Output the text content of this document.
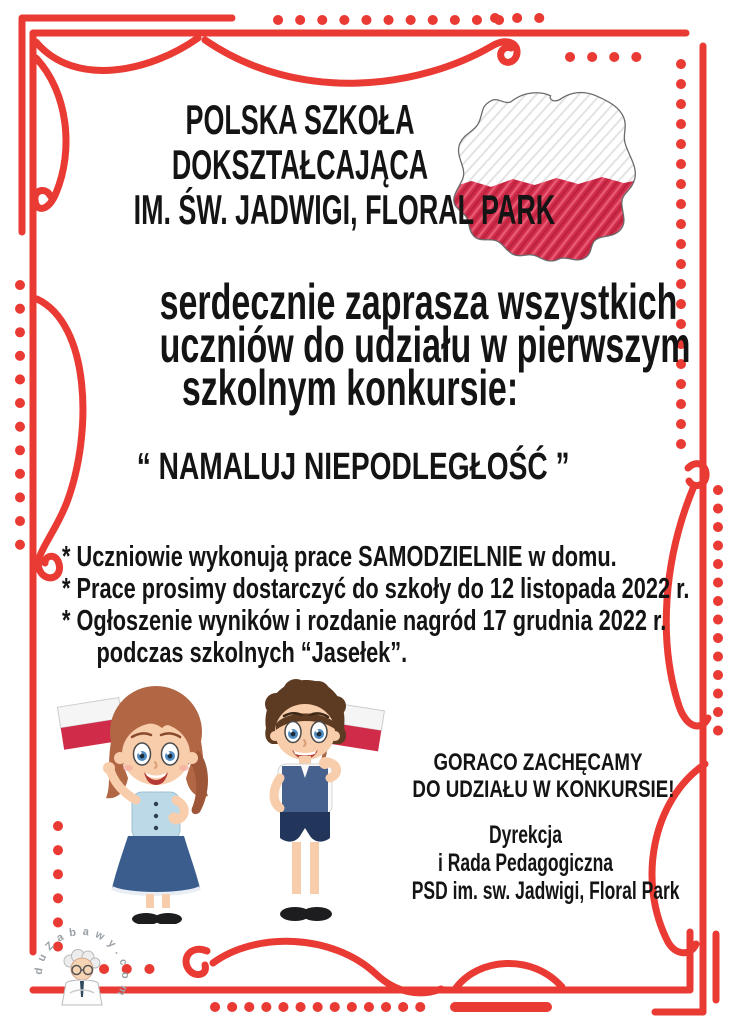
POLSKA SZKOŁA
DOKSZTAŁCAJĄCA
IM. ŚW. JADWIGI, FLORAL PARK
serdecznie zaprasza wszystkich
uczniów do udziału w pierwszym
szkolnym konkursie:
“ NAMALUJ NIEPODLEGŁOŚĆ ”
* Uczniowie wykonują prace SAMODZIELNIE w domu.
* Prace prosimy dostarczyć do szkoły do 12 listopada 2022 r.
* Ogłoszenie wyników i rozdanie nagród 17 grudnia 2022 r.
podczas szkolnych “Jasełek”.
GORACO ZACHĘCAMY
DO UDZIAŁU W KONKURSIE!
Dyrekcja
i Rada Pedagogiczna
PSD im. sw. Jadwigi, Floral Park
duZabawy.com
